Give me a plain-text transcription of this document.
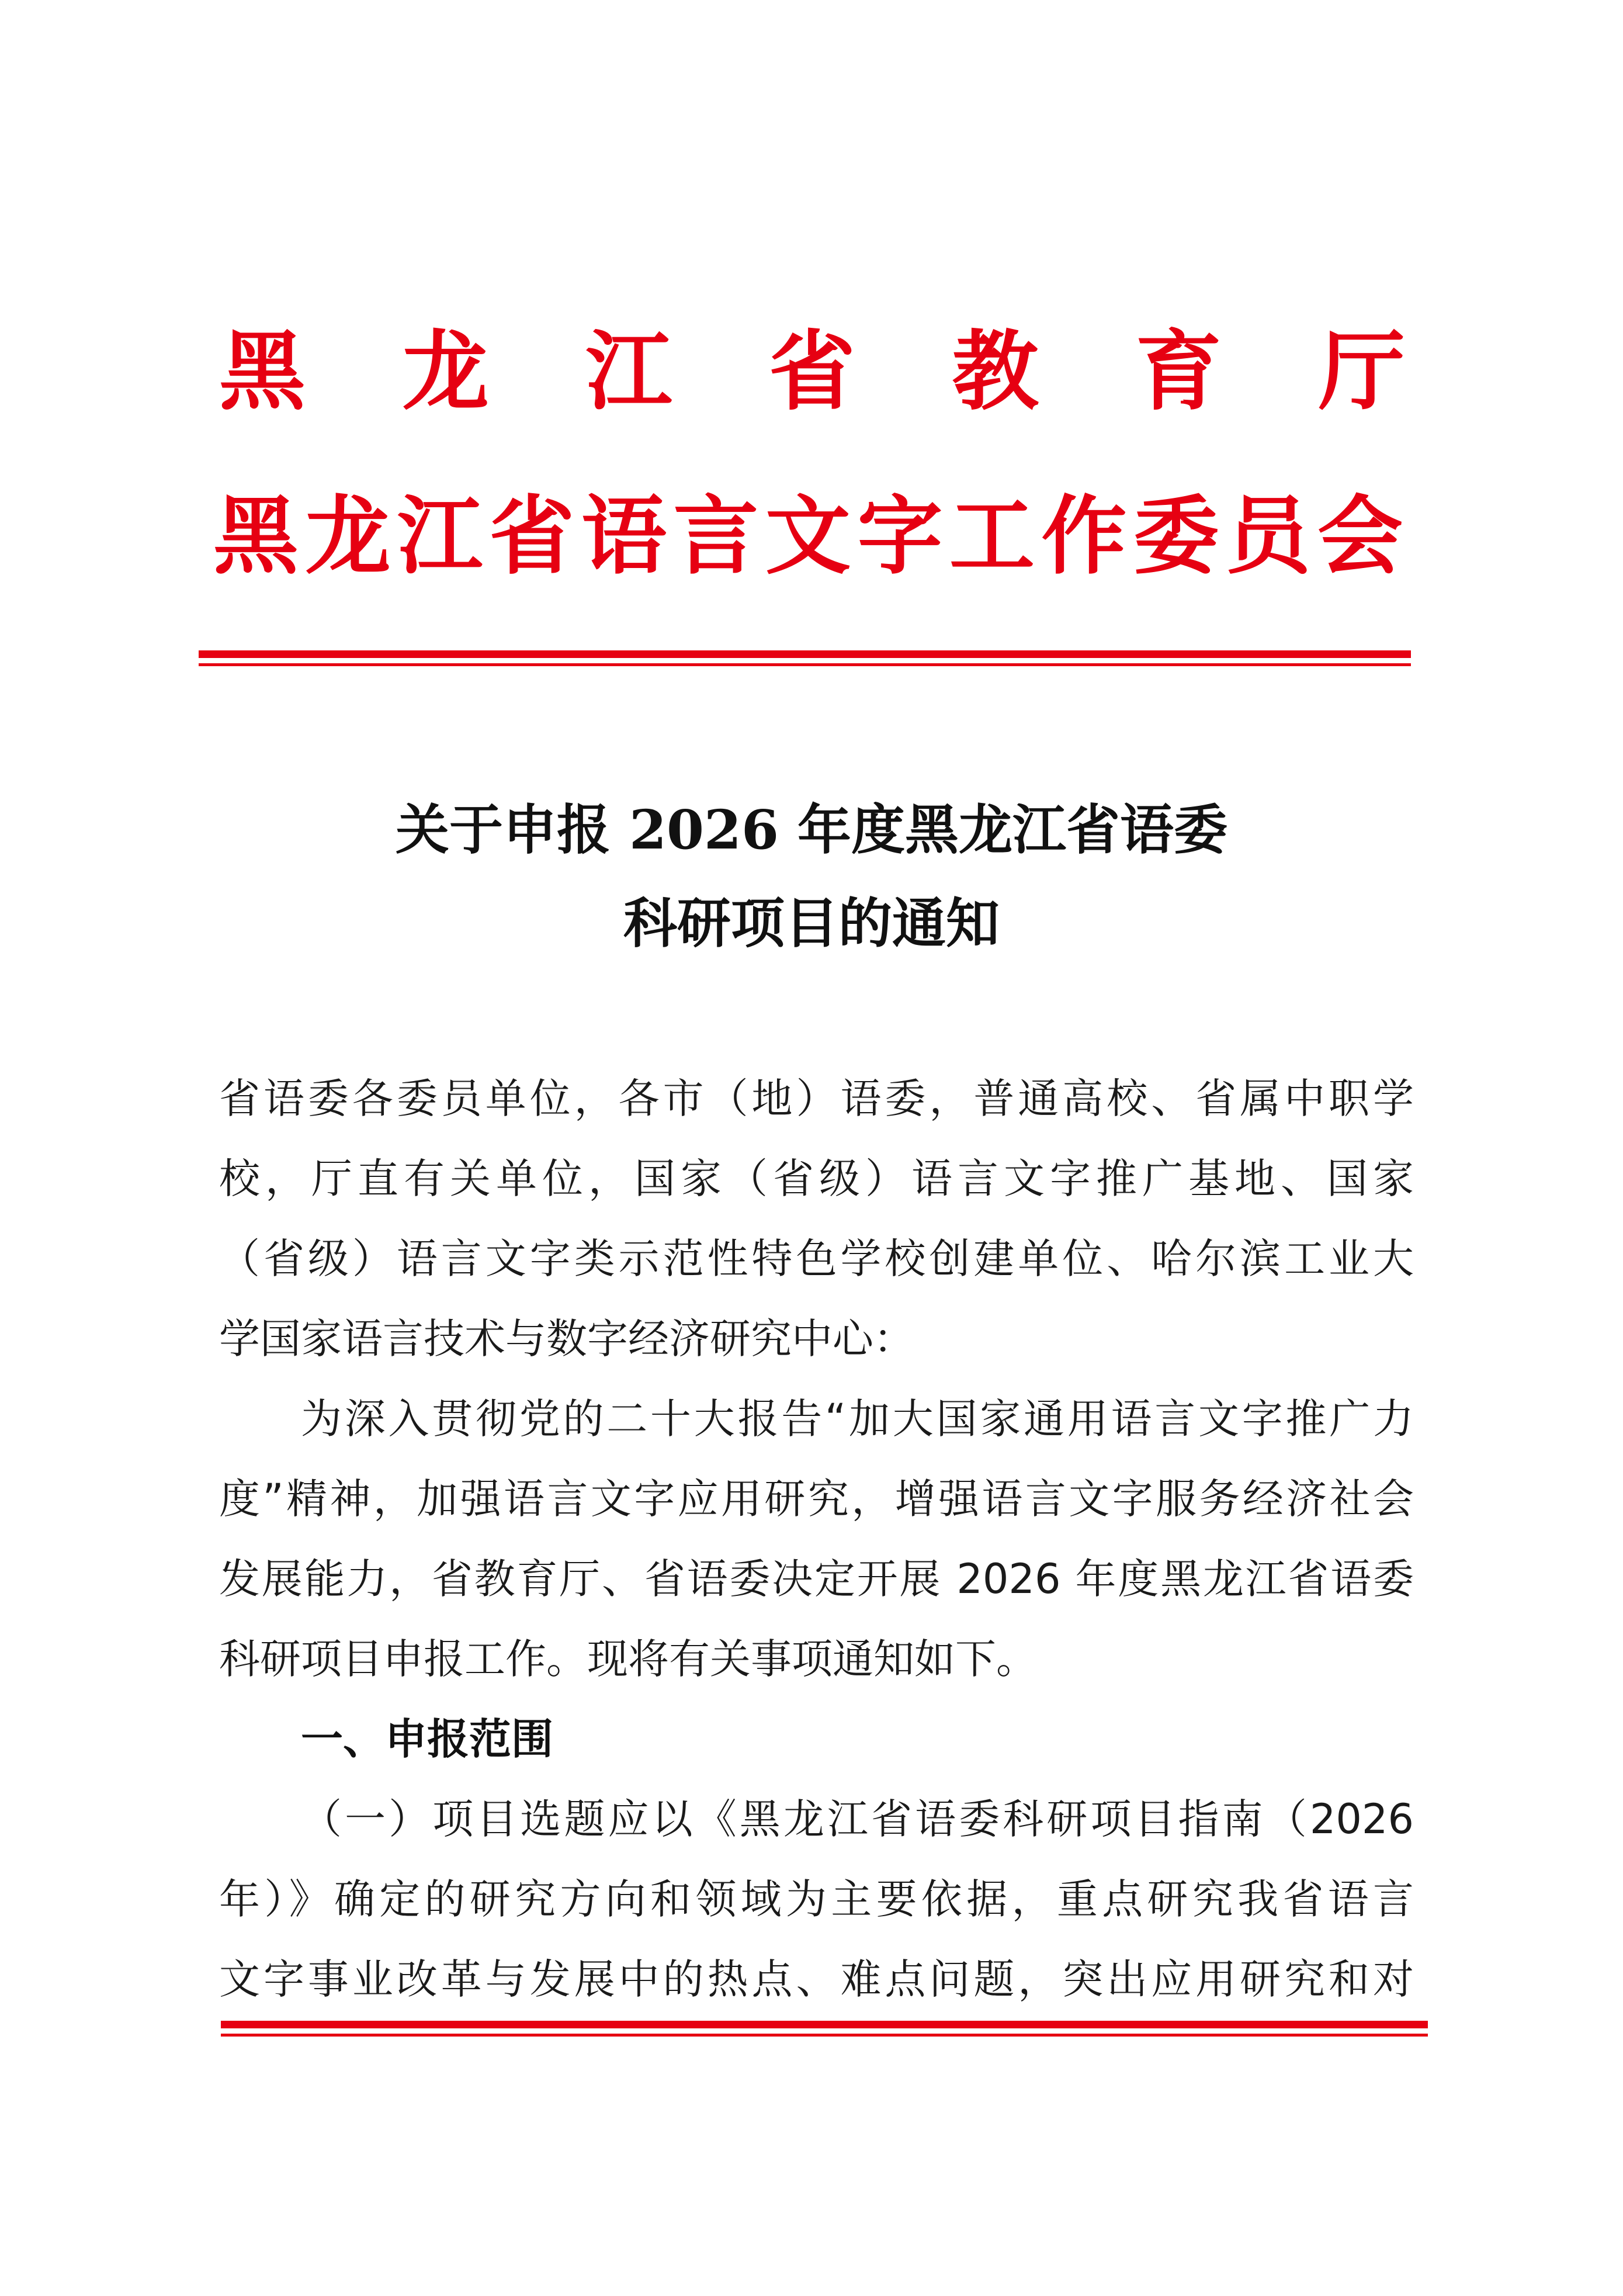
黑龙江省教育厅
黑龙江省语言文字工作委员会
关于申报 2026 年度黑龙江省语委
科研项目的通知
省语委各委员单位，各市（地）语委，普通高校、省属中职学
校，厅直有关单位，国家（省级）语言文字推广基地、国家
（省级）语言文字类示范性特色学校创建单位、哈尔滨工业大
学国家语言技术与数字经济研究中心：
为深入贯彻党的二十大报告“加大国家通用语言文字推广力
度”精神，加强语言文字应用研究，增强语言文字服务经济社会
发展能力，省教育厅、省语委决定开展 2026 年度黑龙江省语委
科研项目申报工作。现将有关事项通知如下。
一、申报范围
（一）项目选题应以《黑龙江省语委科研项目指南（2026
年）》确定的研究方向和领域为主要依据，重点研究我省语言
文字事业改革与发展中的热点、难点问题，突出应用研究和对
